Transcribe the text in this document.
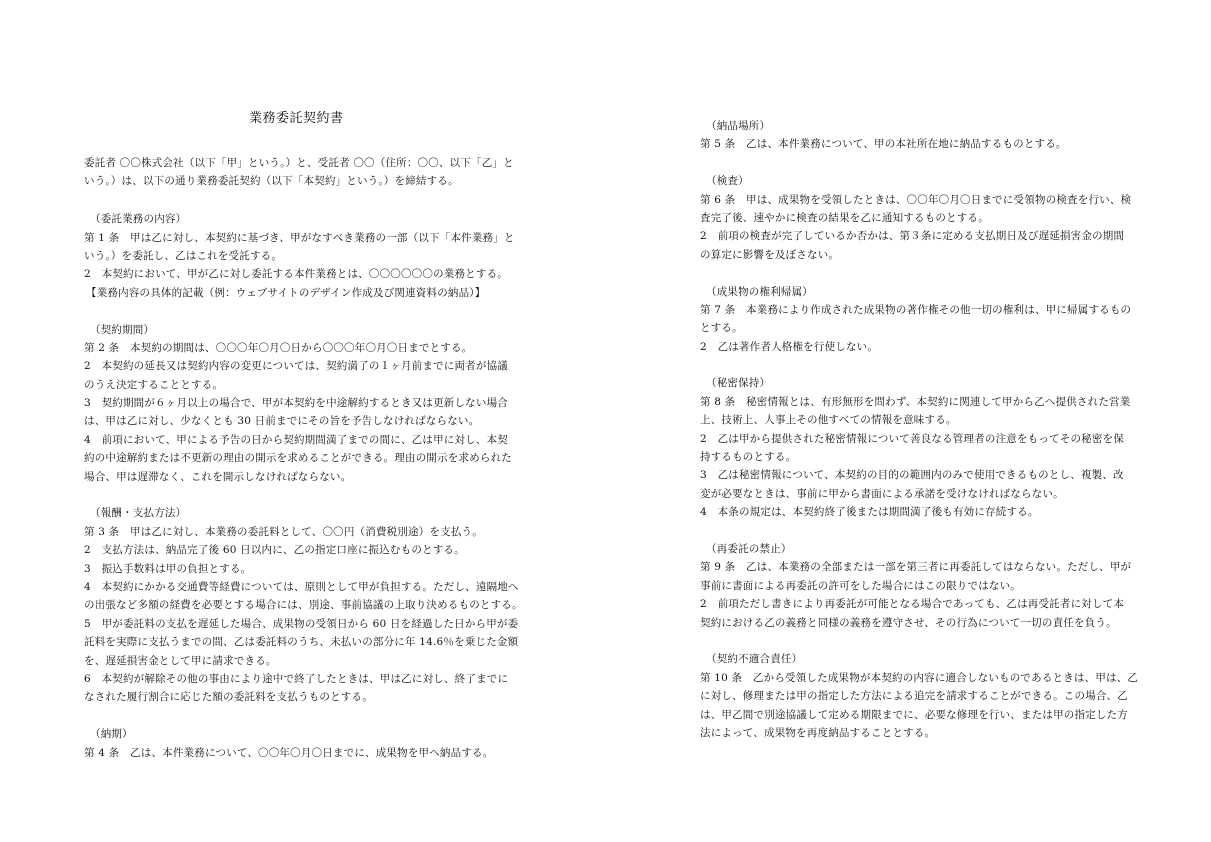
業務委託契約書
委託者 〇〇株式会社（以下「甲」という。）と、受託者 〇〇（住所：〇〇、以下「乙」と
いう。）は、以下の通り業務委託契約（以下「本契約」という。）を締結する。
（委託業務の内容）
第 1 条　甲は乙に対し、本契約に基づき、甲がなすべき業務の一部（以下「本件業務」と
いう。）を委託し、乙はこれを受託する。
2　本契約において、甲が乙に対し委託する本件業務とは、〇〇〇〇〇〇の業務とする。
【業務内容の具体的記載（例：ウェブサイトのデザイン作成及び関連資料の納品）】
（契約期間）
第 2 条　本契約の期間は、〇〇〇年〇月〇日から〇〇〇年〇月〇日までとする。
2　本契約の延長又は契約内容の変更については、契約満了の１ヶ月前までに両者が協議
のうえ決定することとする。
3　契約期間が６ヶ月以上の場合で、甲が本契約を中途解約するとき又は更新しない場合
は、甲は乙に対し、少なくとも 30 日前までにその旨を予告しなければならない。
4　前項において、甲による予告の日から契約期間満了までの間に、乙は甲に対し、本契
約の中途解約または不更新の理由の開示を求めることができる。理由の開示を求められた
場合、甲は遅滞なく、これを開示しなければならない。
（報酬・支払方法）
第 3 条　甲は乙に対し、本業務の委託料として、〇〇円（消費税別途）を支払う。
2　支払方法は、納品完了後 60 日以内に、乙の指定口座に振込むものとする。
3　振込手数料は甲の負担とする。
4　本契約にかかる交通費等経費については、原則として甲が負担する。ただし、遠隔地へ
の出張など多額の経費を必要とする場合には、別途、事前協議の上取り決めるものとする。
5　甲が委託料の支払を遅延した場合、成果物の受領日から 60 日を経過した日から甲が委
託料を実際に支払うまでの間、乙は委託料のうち、未払いの部分に年 14.6％を乗じた金額
を、遅延損害金として甲に請求できる。
6　本契約が解除その他の事由により途中で終了したときは、甲は乙に対し、終了までに
なされた履行割合に応じた額の委託料を支払うものとする。
（納期）
第 4 条　乙は、本件業務について、〇〇年〇月〇日までに、成果物を甲へ納品する。
（納品場所）
第 5 条　乙は、本件業務について、甲の本社所在地に納品するものとする。
（検査）
第 6 条　甲は、成果物を受領したときは、〇〇年〇月〇日までに受領物の検査を行い、検
査完了後、速やかに検査の結果を乙に通知するものとする。
2　前項の検査が完了しているか否かは、第３条に定める支払期日及び遅延損害金の期間
の算定に影響を及ぼさない。
（成果物の権利帰属）
第 7 条　本業務により作成された成果物の著作権その他一切の権利は、甲に帰属するもの
とする。
2　乙は著作者人格権を行使しない。
（秘密保持）
第 8 条　秘密情報とは、有形無形を問わず、本契約に関連して甲から乙へ提供された営業
上、技術上、人事上その他すべての情報を意味する。
2　乙は甲から提供された秘密情報について善良なる管理者の注意をもってその秘密を保
持するものとする。
3　乙は秘密情報について、本契約の目的の範囲内のみで使用できるものとし、複製、改
変が必要なときは、事前に甲から書面による承諾を受けなければならない。
4　本条の規定は、本契約終了後または期間満了後も有効に存続する。
（再委託の禁止）
第 9 条　乙は、本業務の全部または一部を第三者に再委託してはならない。ただし、甲が
事前に書面による再委託の許可をした場合にはこの限りではない。
2　前項ただし書きにより再委託が可能となる場合であっても、乙は再受託者に対して本
契約における乙の義務と同様の義務を遵守させ、その行為について一切の責任を負う。
（契約不適合責任）
第 10 条　乙から受領した成果物が本契約の内容に適合しないものであるときは、甲は、乙
に対し、修理または甲の指定した方法による追完を請求することができる。この場合、乙
は、甲乙間で別途協議して定める期限までに、必要な修理を行い、または甲の指定した方
法によって、成果物を再度納品することとする。
